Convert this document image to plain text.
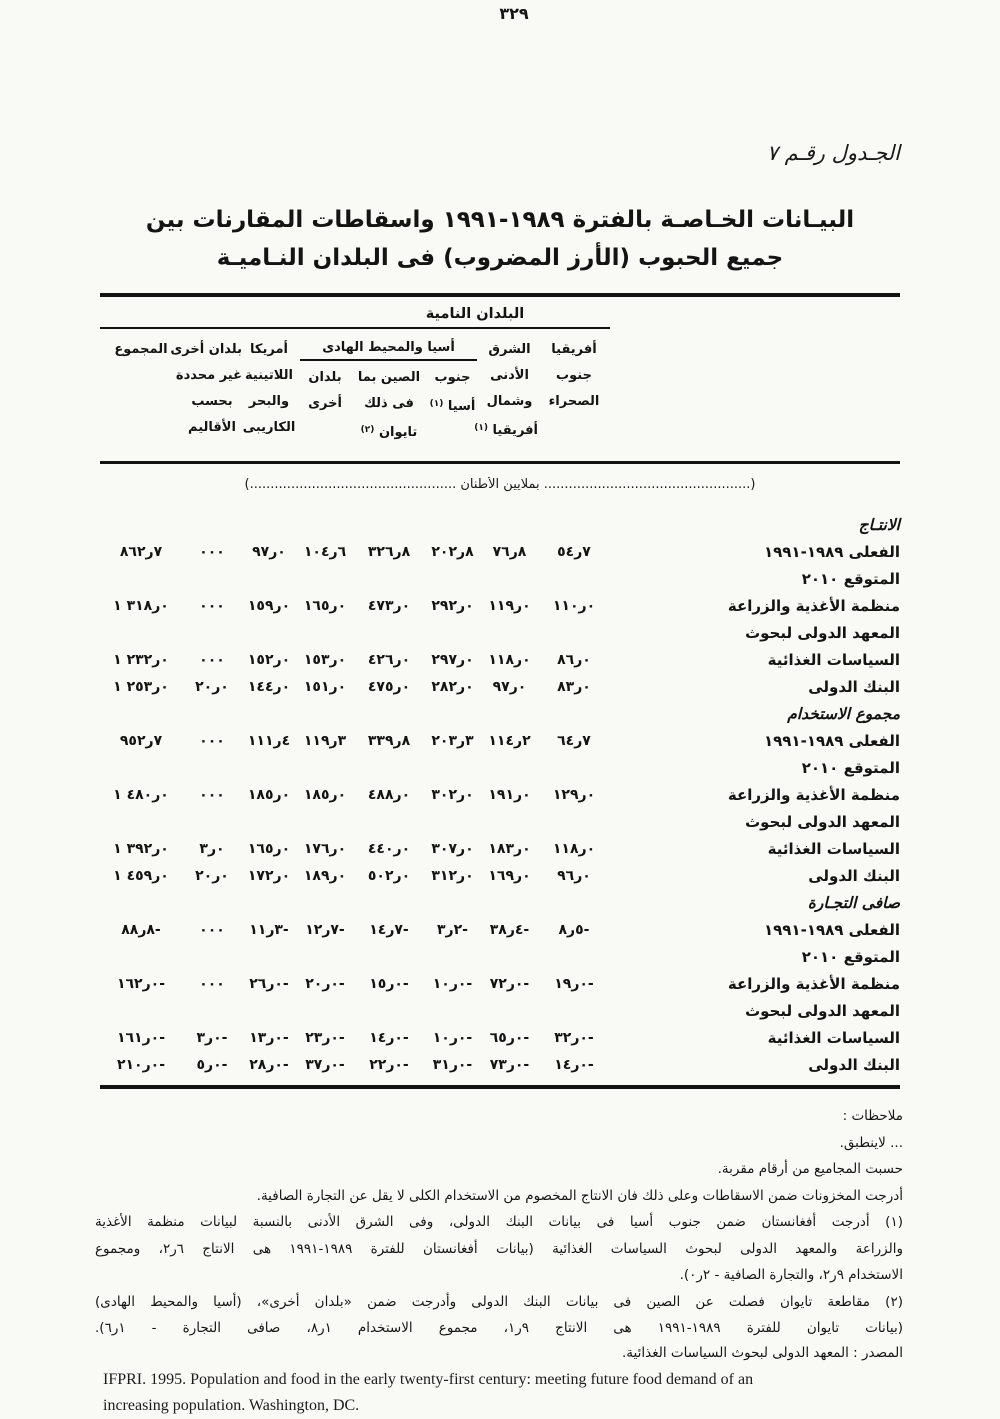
٣٢٩
الجـدول رقـم ٧
البيـانات الخـاصـة بالفترة ١٩٨٩-١٩٩١ واسقاطات المقارنات بين
جميع الحبوب (الأرز المضروب) فى البلدان النـاميـة
البلدان النامية
أفريقيا
جنوب
الصحراء
الشرق
الأدنى
وشمال
أفريقيا $^{(١)}$
أسيا والمحيط الهادى
جنوب
أسيا $^{(١)}$
الصين بما
فى ذلك
تايوان $^{(٢)}$
بلدان
أخرى
أمريكا
اللاتينية
والبحر
الكاريبى
بلدان أخرى
غير محددة
بحسب
الأقاليم
المجموع
(.................................................. بملايين الأطنان ..................................................)
الانتـاج
الفعلى ١٩٨٩-١٩٩١
٥٤ر٧
٧٦ر٨
٢٠٢ر٨
٣٢٦ر٨
١٠٤ر٦
٩٧ر٠
٠٠٠
٨٦٢ر٧
المتوقع ٢٠١٠
منظمة الأغذية والزراعة
١١٠ر٠
١١٩ر٠
٢٩٢ر٠
٤٧٣ر٠
١٦٥ر٠
١٥٩ر٠
٠٠٠
١ ٣١٨ر٠
المعهد الدولى لبحوث
السياسات الغذائية
٨٦ر٠
١١٨ر٠
٢٩٧ر٠
٤٢٦ر٠
١٥٣ر٠
١٥٢ر٠
٠٠٠
١ ٢٣٢ر٠
البنك الدولى
٨٣ر٠
٩٧ر٠
٢٨٢ر٠
٤٧٥ر٠
١٥١ر٠
١٤٤ر٠
٢٠ر٠
١ ٢٥٣ر٠
مجموع الاستخدام
الفعلى ١٩٨٩-١٩٩١
٦٤ر٧
١١٤ر٢
٢٠٣ر٣
٣٣٩ر٨
١١٩ر٣
١١١ر٤
٠٠٠
٩٥٢ر٧
المتوقع ٢٠١٠
منظمة الأغذية والزراعة
١٢٩ر٠
١٩١ر٠
٣٠٢ر٠
٤٨٨ر٠
١٨٥ر٠
١٨٥ر٠
٠٠٠
١ ٤٨٠ر٠
المعهد الدولى لبحوث
السياسات الغذائية
١١٨ر٠
١٨٣ر٠
٣٠٧ر٠
٤٤٠ر٠
١٧٦ر٠
١٦٥ر٠
٣ر٠
١ ٣٩٢ر٠
البنك الدولى
٩٦ر٠
١٦٩ر٠
٣١٢ر٠
٥٠٢ر٠
١٨٩ر٠
١٧٢ر٠
٢٠ر٠
١ ٤٥٩ر٠
صافى التجـارة
الفعلى ١٩٨٩-١٩٩١
٨ر٥-
٣٨ر٤-
٣ر٢-
١٤ر٧-
١٢ر٧-
١١ر٣-
٠٠٠
٨٨ر٨-
المتوقع ٢٠١٠
منظمة الأغذية والزراعة
١٩ر٠-
٧٢ر٠-
١٠ر٠-
١٥ر٠-
٢٠ر٠-
٢٦ر٠-
٠٠٠
١٦٢ر٠-
المعهد الدولى لبحوث
السياسات الغذائية
٣٢ر٠-
٦٥ر٠-
١٠ر٠-
١٤ر٠-
٢٣ر٠-
١٣ر٠-
٣ر٠-
١٦١ر٠-
البنك الدولى
١٤ر٠-
٧٣ر٠-
٣١ر٠-
٢٢ر٠-
٣٧ر٠-
٢٨ر٠-
٥ر٠-
٢١٠ر٠-
ملاحظات :
... لاينطبق.
حسبت المجاميع من أرقام مقربة.
أدرجت المخزونات ضمن الاسقاطات وعلى ذلك فان الانتاج المخصوم من الاستخدام الكلى لا يقل عن التجارة الصافية.
(١) أدرجت أفغانستان ضمن جنوب أسيا فى بيانات البنك الدولى، وفى الشرق الأدنى بالنسبة لبيانات منظمة الأغذية
والزراعة والمعهد الدولى لبحوث السياسات الغذائية (بيانات أفغانستان للفترة ١٩٨٩-١٩٩١ هى الانتاج ٢ر٦، ومجموع
الاستخدام ٢ر٩، والتجارة الصافية - ٠ر٢).
(٢) مقاطعة تايوان فصلت عن الصين فى بيانات البنك الدولى وأدرجت ضمن «بلدان أخرى»، (أسيا والمحيط الهادى)
(بيانات تايوان للفترة ١٩٨٩-١٩٩١ هى الانتاج ١ر٩، مجموع الاستخدام ٨ر١، صافى التجارة - ٦ر١).
المصدر : المعهد الدولى لبحوث السياسات الغذائية.
IFPRI. 1995. Population and food in the early twenty-first century: meeting future food demand of an
increasing population. Washington, DC.
